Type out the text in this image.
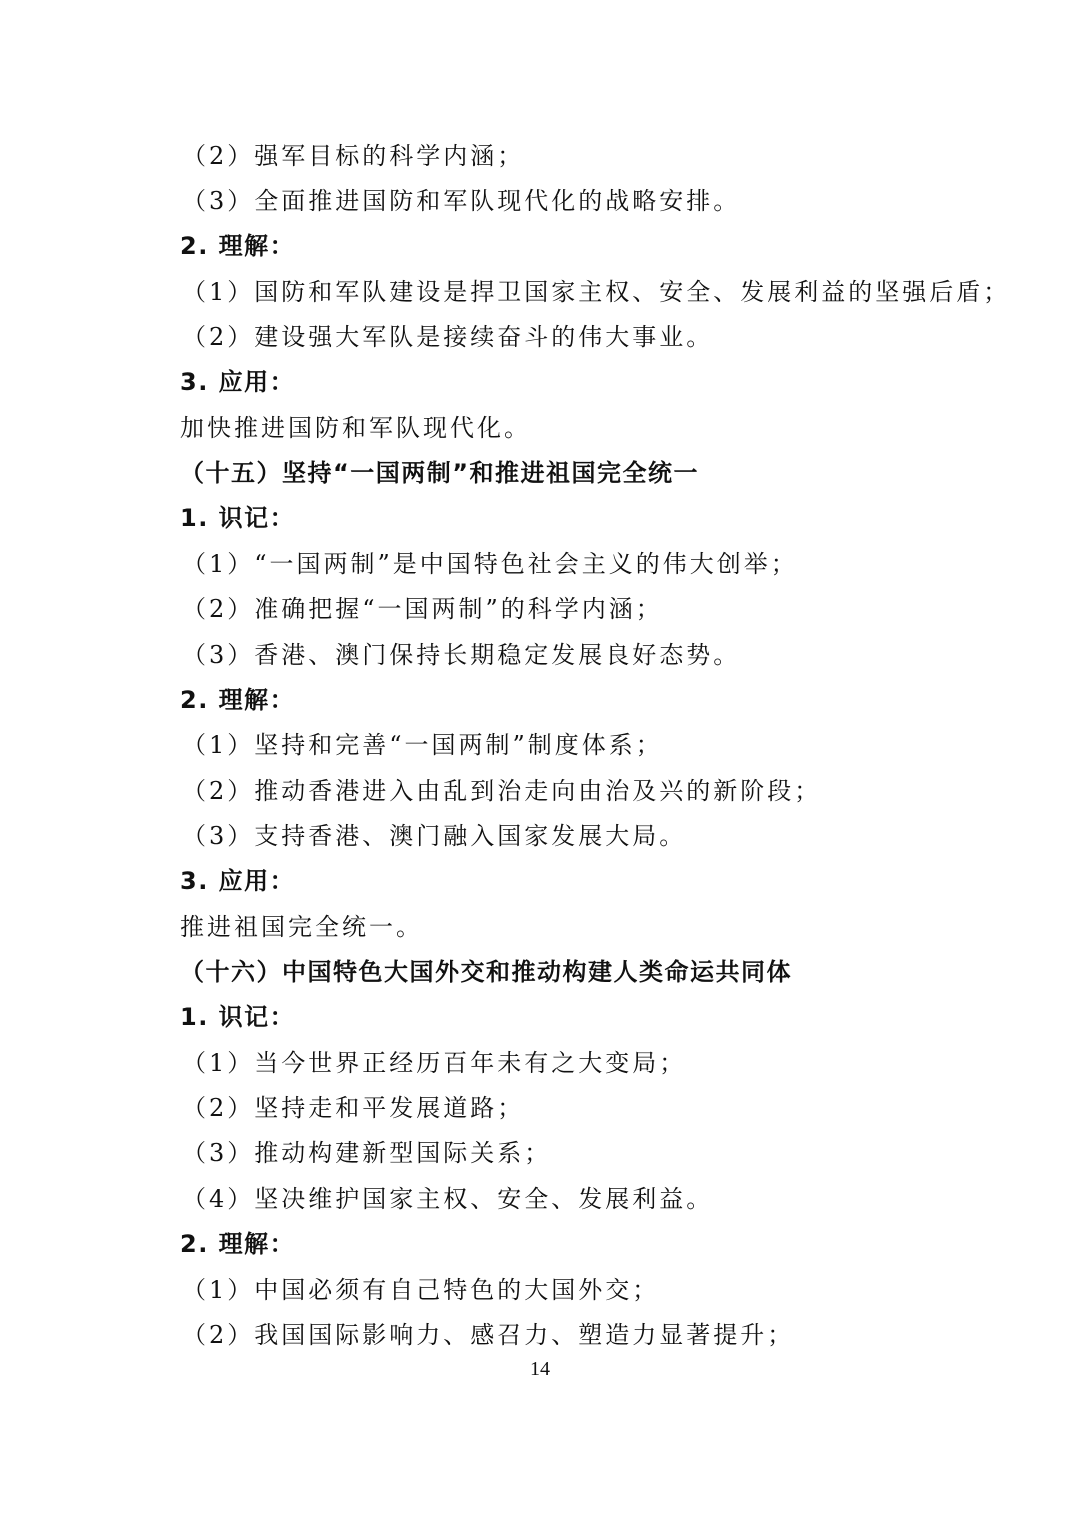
（2）强军目标的科学内涵；
（3）全面推进国防和军队现代化的战略安排。
2. 理解：
（1）国防和军队建设是捍卫国家主权、安全、发展利益的坚强后盾；
（2）建设强大军队是接续奋斗的伟大事业。
3. 应用：
加快推进国防和军队现代化。
（十五）坚持“一国两制”和推进祖国完全统一
1. 识记：
（1）“一国两制”是中国特色社会主义的伟大创举；
（2）准确把握“一国两制”的科学内涵；
（3）香港、澳门保持长期稳定发展良好态势。
2. 理解：
（1）坚持和完善“一国两制”制度体系；
（2）推动香港进入由乱到治走向由治及兴的新阶段；
（3）支持香港、澳门融入国家发展大局。
3. 应用：
推进祖国完全统一。
（十六）中国特色大国外交和推动构建人类命运共同体
1. 识记：
（1）当今世界正经历百年未有之大变局；
（2）坚持走和平发展道路；
（3）推动构建新型国际关系；
（4）坚决维护国家主权、安全、发展利益。
2. 理解：
（1）中国必须有自己特色的大国外交；
（2）我国国际影响力、感召力、塑造力显著提升；
14
